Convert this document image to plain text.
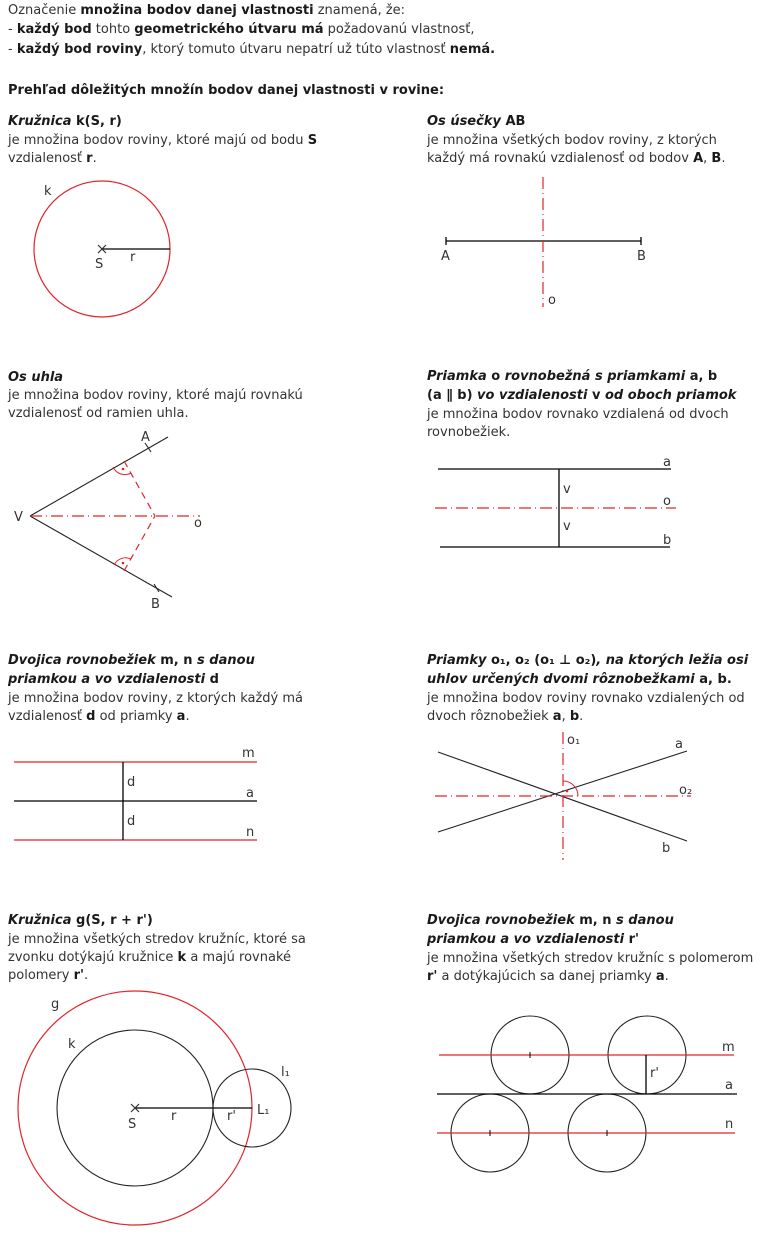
Označenie množina bodov danej vlastnosti znamená, že:
- každý bod tohto geometrického útvaru má požadovanú vlastnosť,
- každý bod roviny, ktorý tomuto útvaru nepatrí už túto vlastnosť nemá.
Prehľad dôležitých množín bodov danej vlastnosti v rovine:
Kružnica k(S, r)
je množina bodov roviny, ktoré majú od bodu S
vzdialenosť r.
Os úsečky AB
je množina všetkých bodov roviny, z ktorých
každý má rovnakú vzdialenosť od bodov A, B.
Os uhla
je množina bodov roviny, ktoré majú rovnakú
vzdialenosť od ramien uhla.
Priamka o rovnobežná s priamkami a, b
(a ∥ b) vo vzdialenosti v od oboch priamok
je množina bodov rovnako vzdialená od dvoch
rovnobežiek.
Dvojica rovnobežiek m, n s danou
priamkou a vo vzdialenosti d
je množina bodov roviny, z ktorých každý má
vzdialenosť d od priamky a.
Priamky o₁, o₂ (o₁ ⊥ o₂), na ktorých ležia osi
uhlov určených dvomi rôznobežkami a, b.
je množina bodov roviny rovnako vzdialených od
dvoch rôznobežiek a, b.
Kružnica g(S, r + r')
je množina všetkých stredov kružníc, ktoré sa
zvonku dotýkajú kružnice k a majú rovnaké
polomery r'.
Dvojica rovnobežiek m, n s danou
priamkou a vo vzdialenosti r'
je množina všetkých stredov kružníc s polomerom
r' a dotýkajúcich sa danej priamky a.
k
S r	A	B
o
A
B
V	o
a
o
b
v
v
m
a
n
d
d
o₁
o₂
a
b
g
k
l₁
L₁
S
r	r'
m
a
n
r'
